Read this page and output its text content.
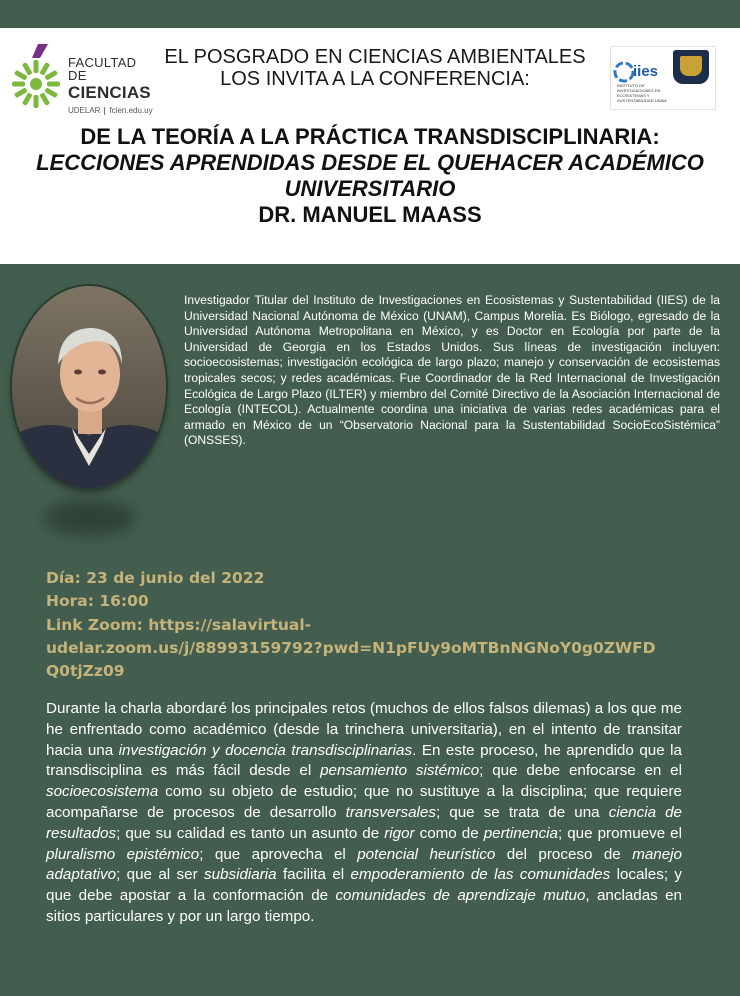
FACULTAD DE
CIENCIAS
UDELAR fcien.edu.uy
EL POSGRADO EN CIENCIAS AMBIENTALES
LOS INVITA A LA CONFERENCIA:	iies
INSTITUTO DE INVESTIGACIONES EN ECOSISTEMAS Y SUSTENTABILIDAD UNAM
DE LA TEORÍA A LA PRÁCTICA TRANSDISCIPLINARIA:
LECCIONES APRENDIDAS DESDE EL QUEHACER ACADÉMICO
UNIVERSITARIO
DR. MANUEL MAASS
Investigador Titular del Instituto de Investigaciones en Ecosistemas y Sustentabilidad (IIES) de la Universidad Nacional Autónoma de México (UNAM), Campus Morelia. Es Biólogo, egresado de la Universidad Autónoma Metropolitana en México, y es Doctor en Ecología por parte de la Universidad de Georgia en los Estados Unidos. Sus líneas de investigación incluyen: socioecosistemas; investigación ecológica de largo plazo; manejo y conservación de ecosistemas tropicales secos; y redes académicas. Fue Coordinador de la Red Internacional de Investigación Ecológica de Largo Plazo (ILTER) y miembro del Comité Directivo de la Asociación Internacional de Ecología (INTECOL). Actualmente coordina una iniciativa de varias redes académicas para el armado en México de un “Observatorio Nacional para la Sustentabilidad SocioEcoSistémica” (ONSSES).
Día: 23 de junio del 2022
Hora: 16:00
Link Zoom: https://salavirtual-
udelar.zoom.us/j/88993159792?pwd=N1pFUy9oMTBnNGNoY0g0ZWFD
Q0tjZz09
Durante la charla abordaré los principales retos (muchos de ellos falsos dilemas) a los que me he enfrentado como académico (desde la trinchera universitaria), en el intento de transitar hacia una investigación y docencia transdisciplinarias. En este proceso, he aprendido que la transdisciplina es más fácil desde el pensamiento sistémico; que debe enfocarse en el socioecosistema como su objeto de estudio; que no sustituye a la disciplina; que requiere acompañarse de procesos de desarrollo transversales; que se trata de una ciencia de resultados; que su calidad es tanto un asunto de rigor como de pertinencia; que promueve el pluralismo epistémico; que aprovecha el potencial heurístico del proceso de manejo adaptativo; que al ser subsidiaria facilita el empoderamiento de las comunidades locales; y que debe apostar a la conformación de comunidades de aprendizaje mutuo, ancladas en sitios particulares y por un largo tiempo.
